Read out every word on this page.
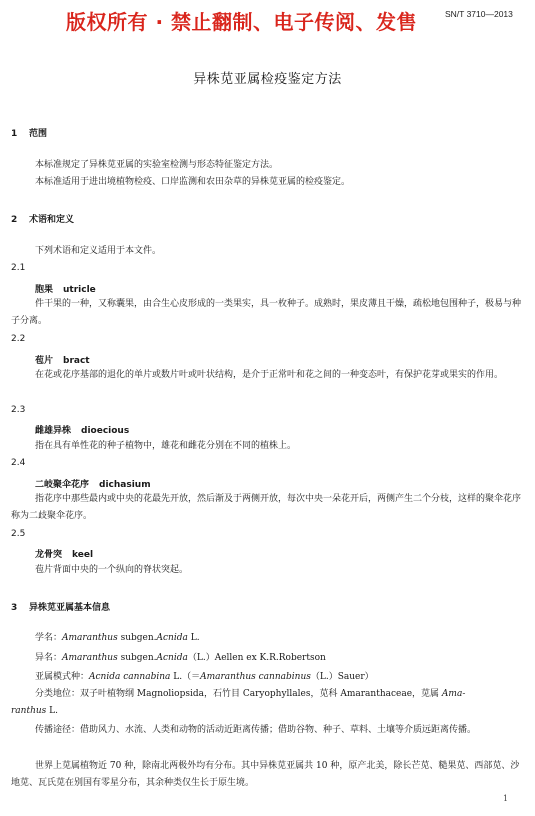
版权所有 · 禁止翻制、电子传阅、发售	SN/T 3710—2013
异株苋亚属检疫鉴定方法
1 范围
本标准规定了异株苋亚属的实验室检测与形态特征鉴定方法。
本标准适用于进出境植物检疫、口岸监测和农田杂草的异株苋亚属的检疫鉴定。
2 术语和定义
下列术语和定义适用于本文件。
2.1
胞果 utricle
件干果的一种，又称囊果，由合生心皮形成的一类果实，具一枚种子。成熟时，果皮薄且干燥，疏松地包围种子，极易与种子分离。
2.2
苞片 bract
在花或花序基部的退化的单片或数片叶或叶状结构，是介于正常叶和花之间的一种变态叶，有保护花芽或果实的作用。
2.3
雌雄异株 dioecious
指在具有单性花的种子植物中，雄花和雌花分别在不同的植株上。
2.4
二岐聚伞花序 dichasium
指花序中那些最内或中央的花最先开放，然后渐及于两侧开放，每次中央一朵花开后，两侧产生二个分枝，这样的聚伞花序称为二歧聚伞花序。
2.5
龙骨突 keel
苞片背面中央的一个纵向的脊状突起。
3 异株苋亚属基本信息
学名：Amaranthus subgen.Acnida L.
异名：Amaranthus subgen.Acnida（L.）Aellen ex K.R.Robertson
亚属模式种：Acnida cannabina L.（＝Amaranthus cannabinus（L.）Sauer）
分类地位：双子叶植物纲 Magnoliopsida，石竹目 Caryophyllales，苋科 Amaranthaceae，苋属 Ama-
ranthus L.
传播途径：借助风力、水流、人类和动物的活动近距离传播；借助谷物、种子、草料、土壤等介质远距离传播。
世界上苋属植物近 70 种，除南北两极外均有分布。其中异株苋亚属共 10 种，原产北美，除长芒苋、糙果苋、西部苋、沙地苋、瓦氏苋在别国有零星分布，其余种类仅生长于原生境。
1
